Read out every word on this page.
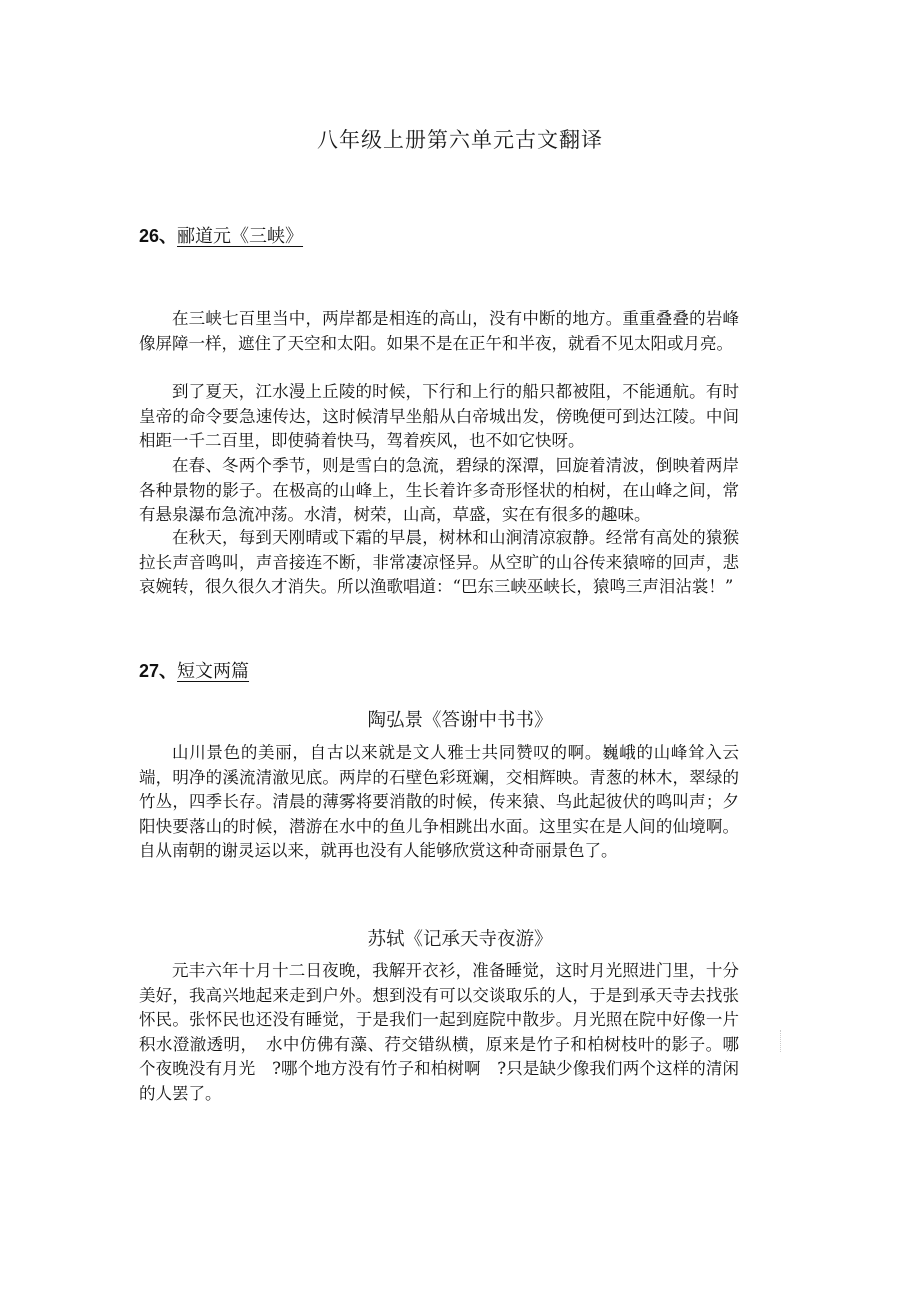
八年级上册第六单元古文翻译
26、郦道元《三峡》

在三峡七百里当中，两岸都是相连的高山，没有中断的地方。重重叠叠的岩峰像屏障一样，遮住了天空和太阳。如果不是在正午和半夜，就看不见太阳或月亮。

到了夏天，江水漫上丘陵的时候，下行和上行的船只都被阻，不能通航。有时皇帝的命令要急速传达，这时候清早坐船从白帝城出发，傍晚便可到达江陵。中间相距一千二百里，即使骑着快马，驾着疾风，也不如它快呀。

在春、冬两个季节，则是雪白的急流，碧绿的深潭，回旋着清波，倒映着两岸各种景物的影子。在极高的山峰上，生长着许多奇形怪状的柏树，在山峰之间，常有悬泉瀑布急流冲荡。水清，树荣，山高，草盛，实在有很多的趣味。

在秋天，每到天刚晴或下霜的早晨，树林和山涧清凉寂静。经常有高处的猿猴拉长声音鸣叫，声音接连不断，非常凄凉怪异。从空旷的山谷传来猿啼的回声，悲哀婉转，很久很久才消失。所以渔歌唱道：“巴东三峡巫峡长，猿鸣三声泪沾裳！”

27、短文两篇
陶弘景《答谢中书书》

山川景色的美丽，自古以来就是文人雅士共同赞叹的啊。巍峨的山峰耸入云端，明净的溪流清澈见底。两岸的石壁色彩斑斓，交相辉映。青葱的林木，翠绿的竹丛，四季长存。清晨的薄雾将要消散的时候，传来猿、鸟此起彼伏的鸣叫声；夕阳快要落山的时候，潜游在水中的鱼儿争相跳出水面。这里实在是人间的仙境啊。自从南朝的谢灵运以来，就再也没有人能够欣赏这种奇丽景色了。

苏轼《记承天寺夜游》

元丰六年十月十二日夜晚，我解开衣衫，准备睡觉，这时月光照进门里，十分美好，我高兴地起来走到户外。想到没有可以交谈取乐的人，于是到承天寺去找张怀民。张怀民也还没有睡觉，于是我们一起到庭院中散步。月光照在院中好像一片积水澄澈透明，　水中仿佛有藻、荇交错纵横，原来是竹子和柏树枝叶的影子。哪个夜晚没有月光　?哪个地方没有竹子和柏树啊　?只是缺少像我们两个这样的清闲的人罢了。
